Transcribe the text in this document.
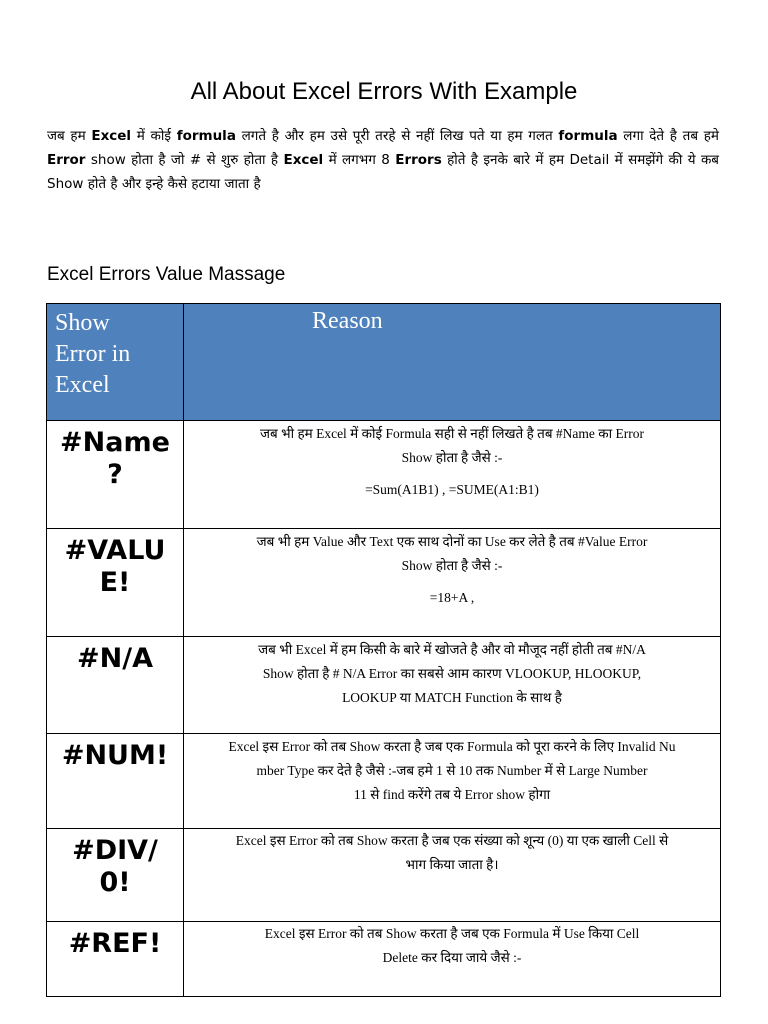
All About Excel Errors With Example

जब हम Excel में कोई formula लगते है और हम उसे पूरी तरहे से नहीं लिख पते या हम गलत formula लगा देते है तब हमे Error show होता है जो # से शुरु होता है Excel में लगभग 8 Errors होते है इनके बारे में हम Detail में समझेंगे की ये कब Show होते है और इन्हे कैसे हटाया जाता है

Excel Errors Value Massage
Show
Error in
Excel	Reason

#Name
?	जब भी हम Excel में कोई Formula सही से नहीं लिखते है तब #Name का Error
Show होता है जैसे :-
=Sum(A1B1) , =SUME(A1:B1)

#VALU
E!	जब भी हम Value और Text एक साथ दोनों का Use कर लेते है तब #Value Error
Show होता है जैसे :-
=18+A ,

#N/A	जब भी Excel में हम किसी के बारे में खोजते है और वो मौजूद नहीं होती तब #N/A
Show होता है # N/A Error का सबसे आम कारण VLOOKUP, HLOOKUP,
LOOKUP या MATCH Function के साथ है

#NUM!	Excel इस Error को तब Show करता है जब एक Formula को पूरा करने के लिए Invalid Nu
mber Type कर देते है जैसे :-जब हमे 1 से 10 तक Number में से Large Number
11 से find करेंगे तब ये Error show होगा

#DIV/
0!	Excel इस Error को तब Show करता है जब एक संख्या को शून्य (0) या एक खाली Cell से
भाग किया जाता है।

#REF!	Excel इस Error को तब Show करता है जब एक Formula में Use किया Cell
Delete कर दिया जाये जैसे :-
